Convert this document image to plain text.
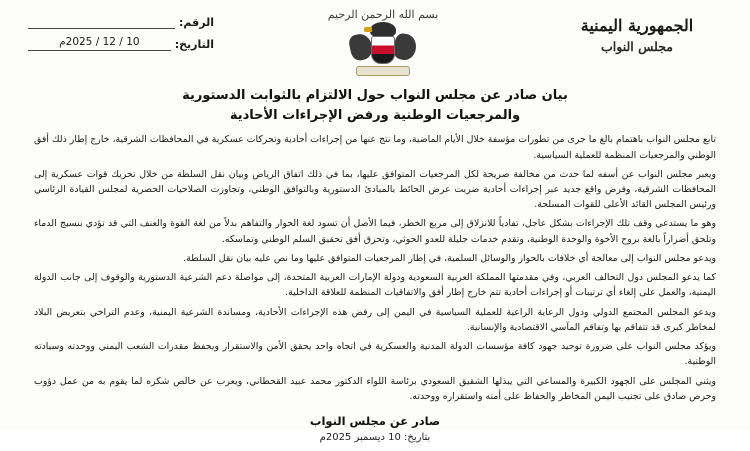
الجمهورية اليمنية
مجلس النواب
بسم الله الرحمن الرحيم
الرقم:
التاريخ:
10 / 12 / 2025م
بيان صادر عن مجلس النواب حول الالتزام بالثوابت الدستورية
والمرجعيات الوطنية ورفض الإجراءات الأحادية

تابع مجلس النواب باهتمام بالغ ما جرى من تطورات مؤسفة خلال الأيام الماضية، وما نتج عنها من إجراءات أحادية وتحركات عسكرية في المحافظات الشرقية، خارج إطار ذلك أفق الوطني والمرجعيات المنظمة للعملية السياسية.

ويعبر مجلس النواب عن أسفه لما حدث من مخالفة صريحة لكل المرجعيات المتوافق عليها، بما في ذلك اتفاق الرياض وبيان نقل السلطة من خلال تحريك قوات عسكرية إلى المحافظات الشرقية، وفرض واقع جديد عبر إجراءات أحادية ضربت عرض الحائط بالمبادئ الدستورية وبالتوافق الوطني، وتجاوزت الصلاحيات الحصرية لمجلس القيادة الرئاسي ورئيس المجلس القائد الأعلى للقوات المسلحة.

وهو ما يستدعي وقف تلك الإجراءات بشكل عاجل، تفادياً للانزلاق إلى مربع الخطر، فيما الأصل أن تسود لغة الحوار والتفاهم بدلاً من لغة القوة والعنف التي قد تؤدي بنسيج الدماء وتلحق أضراراً بالغة بروح الأخوة والوحدة الوطنية، وتقدم خدمات جليلة للعدو الحوثي، وتحرق أفق تحقيق السلم الوطني وتماسكه.

ويدعو مجلس النواب إلى معالجة أي خلافات بالحوار والوسائل السلمية، في إطار المرجعيات المتوافق عليها وما نص عليه بيان نقل السلطة.

كما يدعو المجلس دول التحالف العربي، وفي مقدمتها المملكة العربية السعودية ودولة الإمارات العربية المتحدة، إلى مواصلة دعم الشرعية الدستورية والوقوف إلى جانب الدولة اليمنية، والعمل على إلغاء أي ترتيبات أو إجراءات أحادية تتم خارج إطار أفق والاتفاقيات المنظمة للعلاقة الداخلية.

ويدعو المجلس المجتمع الدولي ودول الرعاية الراعية للعملية السياسية في اليمن إلى رفض هذه الإجراءات الأحادية، ومساندة الشرعية اليمنية، وعدم التراخي بتعريض البلاد لمخاطر كبرى قد تتفاقم بها وتفاقم المآسي الاقتصادية والإنسانية.

ويؤكد مجلس النواب على ضرورة توحيد جهود كافة مؤسسات الدولة المدنية والعسكرية في اتجاه واحد يحقق الأمن والاستقرار ويحفظ مقدرات الشعب اليمني ووحدته وسيادته الوطنية.

ويثني المجلس على الجهود الكبيرة والمساعي التي يبذلها الشقيق السعودي برئاسة اللواء الدكتور محمد عبيد القحطاني، ويعرب عن خالص شكره لما يقوم به من عمل دؤوب وحرص صادق على تجنيب اليمن المخاطر والحفاظ على أمنه واستقراره ووحدته.

صادر عن مجلس النواب
بتاريخ: 10 ديسمبر 2025م
